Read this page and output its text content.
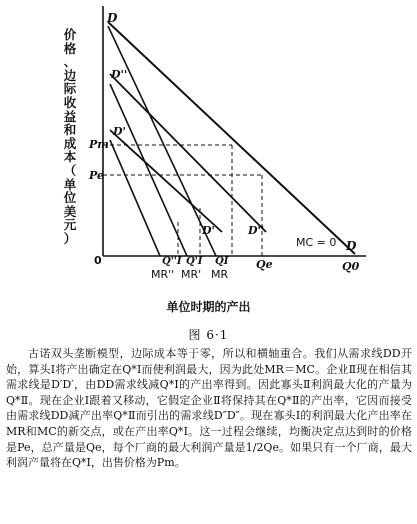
D
D''
D'
Pm
Pe
D'	D''
D
Q0
Qe
Q''I Q'I QI
MR'' MR' MR
MC = 0
0
价
格
、
边
际
收
益
和
成
本
（
单
位
美
元
）
单位时期的产出
图 6·1

古诺双头垄断模型，边际成本等于零，所以和横轴重合。我们从需求线DD开始，算头Ⅰ将产出确定在Q*Ⅰ而使利润最大，因为此处MR＝MC。企业Ⅱ现在相信其需求线是D′D′，由DD需求线减Q*Ⅰ的产出率得到。因此寡头Ⅱ利润最大化的产量为Q*Ⅱ。现在企业Ⅰ跟着又移动，它假定企业Ⅱ将保持其在Q*Ⅱ的产出率，它因而接受由需求线DD减产出率Q*Ⅱ而引出的需求线D″D″。现在寡头Ⅰ的利润最大化产出率在MR和MC的新交点，或在产出率Q*Ⅰ。这一过程会继续，均衡决定点达到时的价格是Pe，总产量是Qe，每个厂商的最大利润产量是1/2Qe。如果只有一个厂商，最大利润产量将在Q*Ⅰ，出售价格为Pm。
